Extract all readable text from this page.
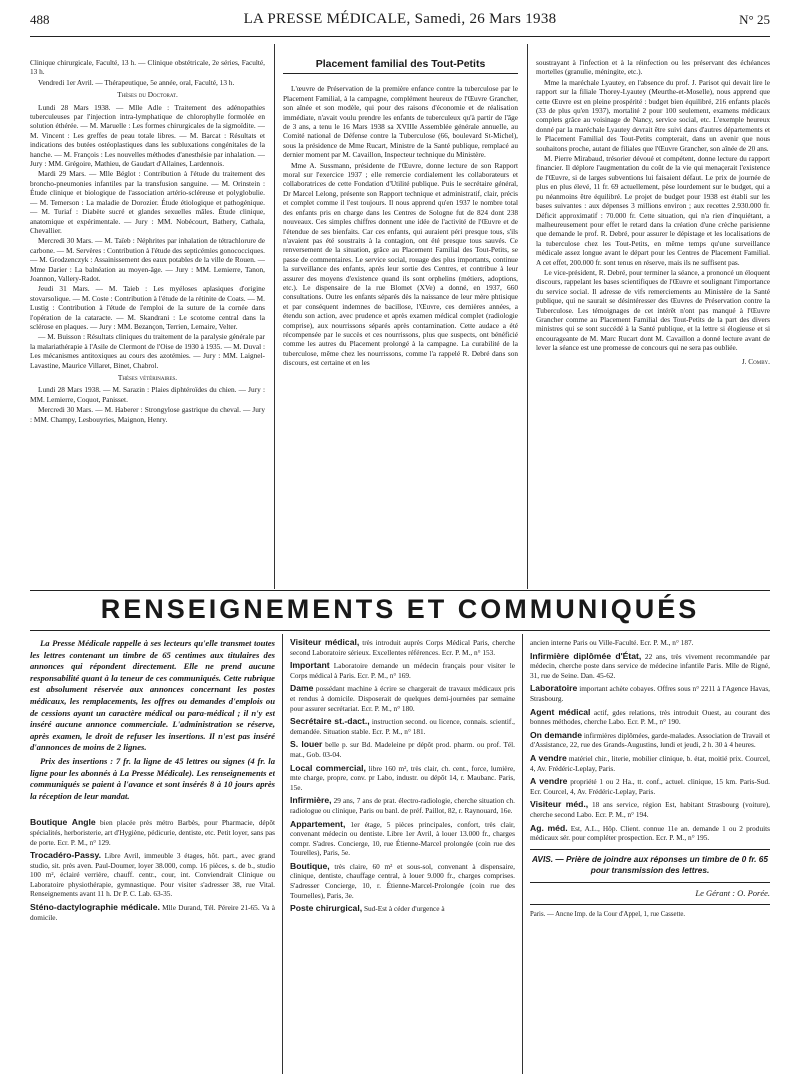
488	LA PRESSE MÉDICALE, Samedi, 26 Mars 1938	N° 25

Clinique chirurgicale, Faculté, 13 h. — Clinique obstétricale, 2e séries, Faculté, 13 h.

Vendredi 1er Avril. — Thérapeutique, 5e année, oral, Faculté, 13 h.

Thèses du Doctorat.

Lundi 28 Mars 1938. — Mlle Adle : Traitement des adénopathies tuberculeuses par l'injection intra-lymphatique de chlorophylle formolée en solution éthérée. — M. Maruelle : Les formes chirurgicales de la sigmoïdite. — M. Vincent : Les greffes de peau totale libres. — M. Barcat : Résultats et indications des butées ostéoplastiques dans les subluxations congénitales de la hanche. — M. François : Les nouvelles méthodes d'anesthésie par inhalation. — Jury : MM. Grégoire, Mathieu, de Gaudart d'Allaines, Lardennois.

Mardi 29 Mars. — Mlle Béglot : Contribution à l'étude du traitement des broncho-pneumonies infantiles par la transfusion sanguine. — M. Orinstein : Étude clinique et biologique de l'association artério-scléreuse et polyglobulie. — M. Temerson : La maladie de Dorozier. Étude étiologique et pathogénique. — M. Turiaf : Diabète sucré et glandes sexuelles mâles. Étude clinique, anatomique et expérimentale. — Jury : MM. Nobécourt, Bathery, Cathala, Chevallier.

Mercredi 30 Mars. — M. Taïeb : Néphrites par inhalation de tétrachlorure de carbone. — M. Servères : Contribution à l'étude des septicémies gonococciques. — M. Grodzenczyk : Assainissement des eaux potables de la ville de Rouen. — Mme Darier : La balnéation au moyen-âge. — Jury : MM. Lemierre, Tanon, Joannon, Vallery-Radot.

Jeudi 31 Mars. — M. Taieb : Les myéloses aplasiques d'origine stovarsolique. — M. Coste : Contribution à l'étude de la rétinite de Coats. — M. Lustig : Contribution à l'étude de l'emploi de la suture de la cornée dans l'opération de la cataracte. — M. Skandrani : Le scotome central dans la sclérose en plaques. — Jury : MM. Bezançon, Terrien, Lemaire, Velter.

— M. Buisson : Résultats cliniques du traitement de la paralysie générale par la malariathérapie à l'Asile de Clermont de l'Oise de 1930 à 1935. — M. Duval : Les mécanismes antitoxiques au cours des azotémies. — Jury : MM. Laignel-Lavastine, Maurice Villaret, Binet, Chabrol.

Thèses vétérinaires.

Lundi 28 Mars 1938. — M. Sarazin : Plaies diphtéroïdes du chien. — Jury : MM. Lemierre, Coquot, Panisset.

Mercredi 30 Mars. — M. Haberer : Strongylose gastrique du cheval. — Jury : MM. Champy, Lesbouyries, Maignon, Henry.

Placement familial des Tout-Petits

L'œuvre de Préservation de la première enfance contre la tuberculose par le Placement Familial, à la campagne, complément heureux de l'Œuvre Grancher, son aînée et son modèle, qui pour des raisons d'économie et de réalisation immédiate, n'avait voulu prendre les enfants de tuberculeux qu'à partir de l'âge de 3 ans, a tenu le 16 Mars 1938 sa XVIIIe Assemblée générale annuelle, au Comité national de Défense contre la Tuberculose (66, boulevard St-Michel), sous la présidence de Mme Rucart, Ministre de la Santé publique, remplacé au dernier moment par M. Cavaillon, Inspecteur technique du Ministère.

Mme A. Sussmann, présidente de l'Œuvre, donne lecture de son Rapport moral sur l'exercice 1937 ; elle remercie cordialement les collaborateurs et collaboratrices de cette Fondation d'Utilité publique. Puis le secrétaire général, Dr Marcel Lelong, présente son Rapport technique et administratif, clair, précis et complet comme il l'est toujours. Il nous apprend qu'en 1937 le nombre total des enfants pris en charge dans les Centres de Sologne fut de 824 dont 238 nouveaux. Ces simples chiffres donnent une idée de l'activité de l'Œuvre et de l'étendue de ses bienfaits. Car ces enfants, qui auraient péri presque tous, s'ils n'avaient pas été soustraits à la contagion, ont été presque tous sauvés. Ce renversement de la situation, grâce au Placement Familial des Tout-Petits, se passe de commentaires. Le service social, rouage des plus importants, continue la surveillance des enfants, après leur sortie des Centres, et contribue à leur assurer des moyens d'existence quand ils sont orphelins (métiers, adoptions, etc.). Le dispensaire de la rue Blomet (XVe) a donné, en 1937, 660 consultations. Outre les enfants séparés dès la naissance de leur mère phtisique et par conséquent indemnes de bacillose, l'Œuvre, ces dernières années, a étendu son action, avec prudence et après examen médical complet (radiologie comprise), aux nourrissons séparés après contamination. Cette audace a été récompensée par le succès et ces nourrissons, plus que suspects, ont bénéficié comme les autres du Placement prolongé à la campagne. La curabilité de la tuberculose, même chez les nourrissons, comme l'a rappelé R. Debré dans son discours, est certaine et en les

soustrayant à l'infection et à la réinfection ou les préservant des échéances mortelles (granulie, méningite, etc.).

Mme la maréchale Lyautey, en l'absence du prof. J. Parisot qui devait lire le rapport sur la filiale Thorey-Lyautey (Meurthe-et-Moselle), nous apprend que cette Œuvre est en pleine prospérité : budget bien équilibré, 216 enfants placés (33 de plus qu'en 1937), mortalité 2 pour 100 seulement, examens médicaux complets grâce au voisinage de Nancy, service social, etc. L'exemple heureux donné par la maréchale Lyautey devrait être suivi dans d'autres départements et le Placement Familial des Tout-Petits compterait, dans un avenir que nous souhaitons proche, autant de filiales que l'Œuvre Grancher, son aînée de 20 ans.

M. Pierre Mirabaud, trésorier dévoué et compétent, donne lecture du rapport financier. Il déplore l'augmentation du coût de la vie qui menaçerait l'existence de l'Œuvre, si de larges subventions lui faisaient défaut. Le prix de journée de plus en plus élevé, 11 fr. 69 actuellement, pèse lourdement sur le budget, qui a pu néanmoins être équilibré. Le projet de budget pour 1938 est établi sur les bases suivantes : aux dépenses 3 millions environ ; aux recettes 2.930.000 fr. Déficit approximatif : 70.000 fr. Cette situation, qui n'a rien d'inquiétant, a malheureusement pour effet le retard dans la création d'une crèche parisienne que demande le prof. R. Debré, pour assurer le dépistage et les localisations de la tuberculose chez les Tout-Petits, en même temps qu'une surveillance médicale assez longue avant le départ pour les Centres de Placement Familial. A cet effet, 200.000 fr. sont tenus en réserve, mais ils ne suffisent pas.

Le vice-président, R. Debré, pour terminer la séance, a prononcé un éloquent discours, rappelant les bases scientifiques de l'Œuvre et soulignant l'importance du service social. Il adresse de vifs remerciements au Ministère de la Santé publique, qui ne saurait se désintéresser des Œuvres de Préservation contre la Tuberculose. Les témoignages de cet intérêt n'ont pas manqué à l'Œuvre Grancher comme au Placement Familial des Tout-Petits de la part des divers ministres qui se sont succédé à la Santé publique, et la lettre si élogieuse et si encourageante de M. Marc Rucart dont M. Cavaillon a donné lecture avant de lever la séance est une promesse de concours qui ne sera pas oubliée.

J. Comby.
RENSEIGNEMENTS ET COMMUNIQUÉS

La Presse Médicale rappelle à ses lecteurs qu'elle transmet toutes les lettres contenant un timbre de 65 centimes aux titulaires des annonces qui répondent directement. Elle ne prend aucune responsabilité quant à la teneur de ces communiqués. Cette rubrique est absolument réservée aux annonces concernant les postes médicaux, les remplacements, les offres ou demandes d'emplois ou de cessions ayant un caractère médical ou para-médical ; il n'y est inséré aucune annonce commerciale. L'administration se réserve, après examen, le droit de refuser les insertions. Il n'est pas inséré d'annonces de moins de 2 lignes.

Prix des insertions : 7 fr. la ligne de 45 lettres ou signes (4 fr. la ligne pour les abonnés à La Presse Médicale). Les renseignements et communiqués se paient à l'avance et sont insérés 8 à 10 jours après la réception de leur mandat.

Boutique Angle bien placée près métro Barbès, pour Pharmacie, dépôt spécialités, herboristerie, art d'Hygiène, pédicurie, dentiste, etc. Petit loyer, sans pas de porte. Ecr. P. M., n° 129.
Trocadéro-Passy. Libre Avril, immeuble 3 étages, hôt. part., avec grand studio, sit. près aven. Paul-Doumer, loyer 38.000, comp. 16 pièces, s. de b., studio 100 m², éclairé verrière, chauff. centr., cour, int. Conviendrait Clinique ou Laboratoire physiothérapie, gymnastique. Pour visiter s'adresser 38, rue Vital. Renseignements avant 11 h. Dr P. C. Lab. 63-35.
Sténo-dactylographie médicale. Mlle Durand, Tél. Péreire 21-65. Va à domicile.
Visiteur médical, très introduit auprès Corps Médical Paris, cherche second Laboratoire sérieux. Excellentes références. Ecr. P. M., n° 153.
Important Laboratoire demande un médecin français pour visiter le Corps médical à Paris. Ecr. P. M., n° 169.
Dame possédant machine à écrire se chargerait de travaux médicaux pris et rendus à domicile. Disposerait de quelques demi-journées par semaine pour assurer secrétariat. Ecr. P. M., n° 180.
Secrétaire st.-dact., instruction second. ou licence, connais. scientif., demandée. Situation stable. Ecr. P. M., n° 181.
S. louer belle p. sur Bd. Madeleine pr dépôt prod. pharm. ou prof. Tél. mat., Gob. 03-04.
Local commercial, libre 160 m², très clair, ch. cent., force, lumière, mte charge, propre, conv. pr Labo, industr. ou dépôt 14, r. Maubanc. Paris, 15e.
Infirmière, 29 ans, 7 ans de prat. électro-radiologie, cherche situation ch. radiologue ou clinique, Paris ou banl. de préf. Paillot, 82, r. Raynouard, 16e.
Appartement, 1er étage, 5 pièces principales, confort, très clair, convenant médecin ou dentiste. Libre 1er Avril, à louer 13.000 fr., charges compr. S'adres. Concierge, 10, rue Étienne-Marcel prolongée (coin rue des Tourelles), Paris, 5e.
Boutique, très claire, 60 m² et sous-sol, convenant à dispensaire, clinique, dentiste, chauffage central, à louer 9.000 fr., charges comprises. S'adresser Concierge, 10, r. Étienne-Marcel-Prolongée (coin rue des Tournelles), Paris, 3e.
Poste chirurgical, Sud-Est à céder d'urgence à
ancien interne Paris ou Ville-Faculté. Ecr. P. M., n° 187.
Infirmière diplômée d'État, 22 ans, très vivement recommandée par médecin, cherche poste dans service de médecine infantile Paris. Mlle de Rigné, 31, rue de Seine. Dan. 45-62.
Laboratoire important achète cobayes. Offres sous n° 2211 à l'Agence Havas, Strasbourg.
Agent médical actif, gdes relations, très introduit Ouest, au courant des bonnes méthodes, cherche Labo. Ecr. P. M., n° 190.
On demande infirmières diplômées, garde-malades. Association de Travail et d'Assistance, 22, rue des Grands-Augustins, lundi et jeudi, 2 h. 30 à 4 heures.
A vendre matériel chir., literie, mobilier clinique, b. état, moitié prix. Courcel, 4, Av. Frédéric-Leplay, Paris.
A vendre propriété 1 ou 2 Ha., tt. conf., actuel. clinique, 15 km. Paris-Sud. Ecr. Courcel, 4, Av. Frédéric-Leplay, Paris.
Visiteur méd., 18 ans service, région Est, habitant Strasbourg (voiture), cherche second Labo. Ecr. P. M., n° 194.
Ag. méd. Est, A.L., Hôp. Client. connue 11e an. demande 1 ou 2 produits médicaux sér. pour compléter prospection. Ecr. P. M., n° 195.
AVIS. — Prière de joindre aux réponses un timbre de 0 fr. 65 pour transmission des lettres.
Le Gérant : O. Porée.
Paris. — Ancne Imp. de la Cour d'Appel, 1, rue Cassette.
